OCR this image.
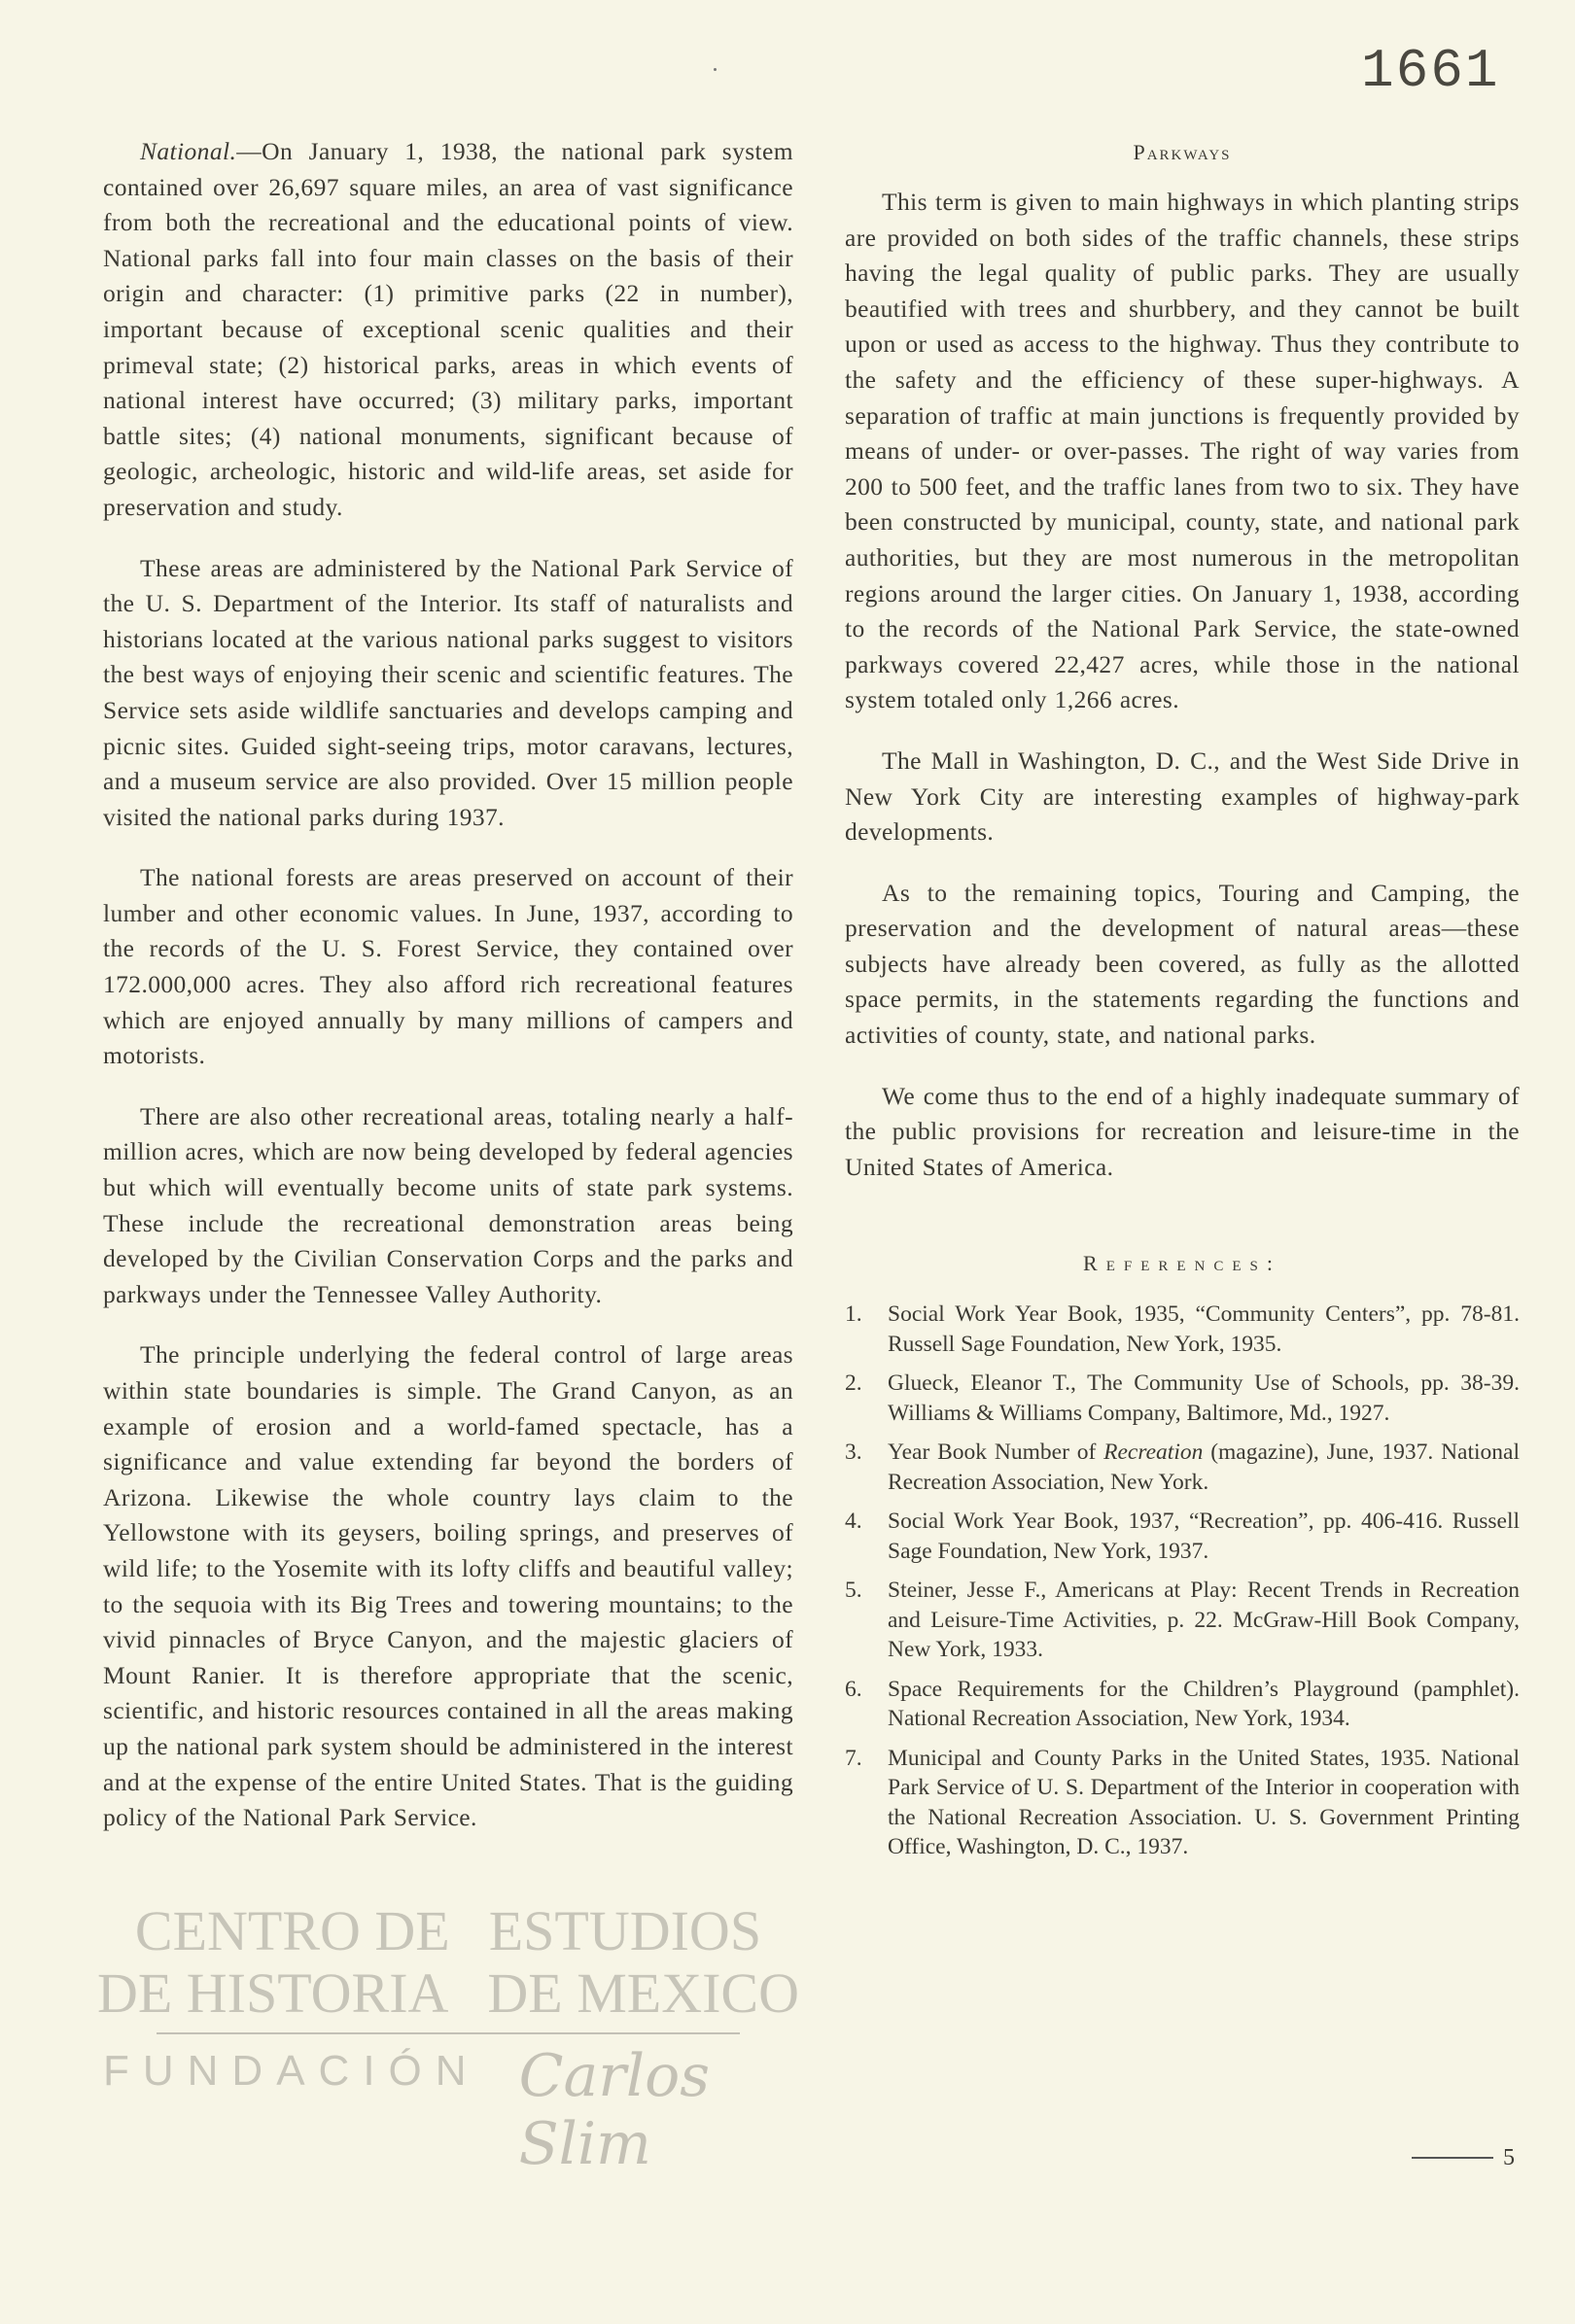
1661

National.—On January 1, 1938, the national park system contained over 26,697 square miles, an area of vast significance from both the recreational and the educational points of view. National parks fall into four main classes on the basis of their origin and character: (1) primitive parks (22 in number), important because of exceptional scenic qualities and their primeval state; (2) historical parks, areas in which events of national interest have occurred; (3) military parks, important battle sites; (4) national monuments, significant because of geologic, archeologic, historic and wild-life areas, set aside for preservation and study.

These areas are administered by the National Park Service of the U. S. Department of the Interior. Its staff of naturalists and historians located at the various national parks suggest to visitors the best ways of enjoying their scenic and scientific features. The Service sets aside wildlife sanctuaries and develops camping and picnic sites. Guided sight-seeing trips, motor caravans, lectures, and a museum service are also provided. Over 15 million people visited the national parks during 1937.

The national forests are areas preserved on account of their lumber and other economic values. In June, 1937, according to the records of the U. S. Forest Service, they contained over 172.000,000 acres. They also afford rich recreational features which are enjoyed annually by many millions of campers and motorists.

There are also other recreational areas, totaling nearly a half-million acres, which are now being developed by federal agencies but which will eventually become units of state park systems. These include the recreational demonstration areas being developed by the Civilian Conservation Corps and the parks and parkways under the Tennessee Valley Authority.

The principle underlying the federal control of large areas within state boundaries is simple. The Grand Canyon, as an example of erosion and a world-famed spectacle, has a significance and value extending far beyond the borders of Arizona. Likewise the whole country lays claim to the Yellowstone with its geysers, boiling springs, and preserves of wild life; to the Yosemite with its lofty cliffs and beautiful valley; to the sequoia with its Big Trees and towering mountains; to the vivid pinnacles of Bryce Canyon, and the majestic glaciers of Mount Ranier. It is therefore appropriate that the scenic, scientific, and historic resources contained in all the areas making up the national park system should be administered in the interest and at the expense of the entire United States. That is the guiding policy of the National Park Service.

CENTRO DE ESTUDIOS
DE HISTORIA DE MEXICO
FUNDACIÓN Carlos Slim
Parkways

This term is given to main highways in which planting strips are provided on both sides of the traffic channels, these strips having the legal quality of public parks. They are usually beautified with trees and shurbbery, and they cannot be built upon or used as access to the highway. Thus they contribute to the safety and the efficiency of these super-highways. A separation of traffic at main junctions is frequently provided by means of under- or over-passes. The right of way varies from 200 to 500 feet, and the traffic lanes from two to six. They have been constructed by municipal, county, state, and national park authorities, but they are most numerous in the metropolitan regions around the larger cities. On January 1, 1938, according to the records of the National Park Service, the state-owned parkways covered 22,427 acres, while those in the national system totaled only 1,266 acres.

The Mall in Washington, D. C., and the West Side Drive in New York City are interesting examples of highway-park developments.

As to the remaining topics, Touring and Camping, the preservation and the development of natural areas—these subjects have already been covered, as fully as the allotted space permits, in the statements regarding the functions and activities of county, state, and national parks.

We come thus to the end of a highly inadequate summary of the public provisions for recreation and leisure-time in the United States of America.

References:
1.	Social Work Year Book, 1935, “Community Centers”, pp. 78-81. Russell Sage Foundation, New York, 1935.
2.	Glueck, Eleanor T., The Community Use of Schools, pp. 38-39. Williams & Williams Company, Baltimore, Md., 1927.
3.	Year Book Number of Recreation (magazine), June, 1937. National Recreation Association, New York.
4.	Social Work Year Book, 1937, “Recreation”, pp. 406-416. Russell Sage Foundation, New York, 1937.
5.	Steiner, Jesse F., Americans at Play: Recent Trends in Recreation and Leisure-Time Activities, p. 22. McGraw-Hill Book Company, New York, 1933.
6.	Space Requirements for the Children’s Playground (pamphlet). National Recreation Association, New York, 1934.
7.	Municipal and County Parks in the United States, 1935. National Park Service of U. S. Department of the Interior in cooperation with the National Recreation Association. U. S. Government Printing Office, Washington, D. C., 1937.
5
